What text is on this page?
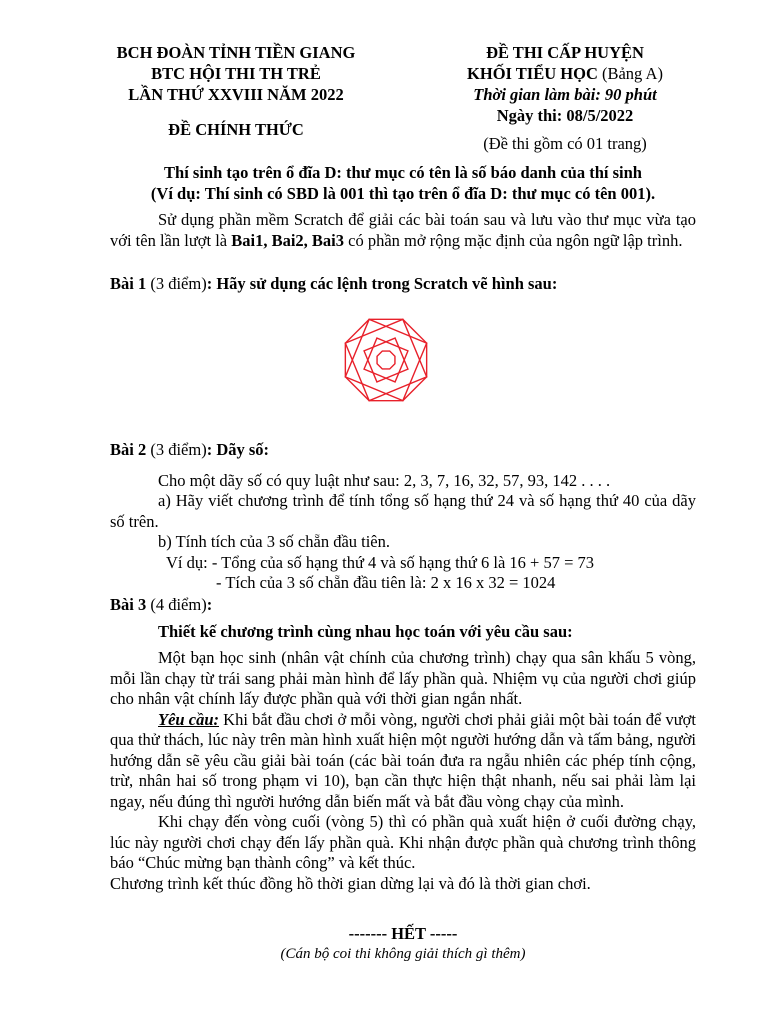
BCH ĐOÀN TỈNH TIỀN GIANG
BTC HỘI THI TH TRẺ
LẦN THỨ XXVIII NĂM 2022
ĐỀ CHÍNH THỨC
ĐỀ THI CẤP HUYỆN
KHỐI TIỂU HỌC (Bảng A)
Thời gian làm bài: 90 phút
Ngày thi: 08/5/2022
(Đề thi gồm có 01 trang)

Thí sinh tạo trên ổ đĩa D: thư mục có tên là số báo danh của thí sinh

(Ví dụ: Thí sinh có SBD là 001 thì tạo trên ổ đĩa D: thư mục có tên 001).

Sử dụng phần mềm Scratch để giải các bài toán sau và lưu vào thư mục vừa tạo với tên lần lượt là Bai1, Bai2, Bai3 có phần mở rộng mặc định của ngôn ngữ lập trình.
Bài 1 (3 điểm): Hãy sử dụng các lệnh trong Scratch vẽ hình sau:

Bài 2 (3 điểm): Dãy số:

Cho một dãy số có quy luật như sau: 2, 3, 7, 16, 32, 57, 93, 142 . . . .

a) Hãy viết chương trình để tính tổng số hạng thứ 24 và số hạng thứ 40 của dãy số trên.

b) Tính tích của 3 số chẵn đầu tiên.

Ví dụ: - Tổng của số hạng thứ 4 và số hạng thứ 6 là 16 + 57 = 73

- Tích của 3 số chẵn đầu tiên là: 2 x 16 x 32 = 1024

Bài 3 (4 điểm):

Thiết kế chương trình cùng nhau học toán với yêu cầu sau:

Một bạn học sinh (nhân vật chính của chương trình) chạy qua sân khấu 5 vòng, mỗi lần chạy từ trái sang phải màn hình để lấy phần quà. Nhiệm vụ của người chơi giúp cho nhân vật chính lấy được phần quà với thời gian ngắn nhất.

Yêu cầu: Khi bắt đầu chơi ở mỗi vòng, người chơi phải giải một bài toán để vượt qua thử thách, lúc này trên màn hình xuất hiện một người hướng dẫn và tấm bảng, người hướng dẫn sẽ yêu cầu giải bài toán (các bài toán đưa ra ngẫu nhiên các phép tính cộng, trừ, nhân hai số trong phạm vi 10), bạn cần thực hiện thật nhanh, nếu sai phải làm lại ngay, nếu đúng thì người hướng dẫn biến mất và bắt đầu vòng chạy của mình.

Khi chạy đến vòng cuối (vòng 5) thì có phần quà xuất hiện ở cuối đường chạy, lúc này người chơi chạy đến lấy phần quà. Khi nhận được phần quà chương trình thông báo “Chúc mừng bạn thành công” và kết thúc.

Chương trình kết thúc đồng hồ thời gian dừng lại và đó là thời gian chơi.

------- HẾT -----
(Cán bộ coi thi không giải thích gì thêm)
